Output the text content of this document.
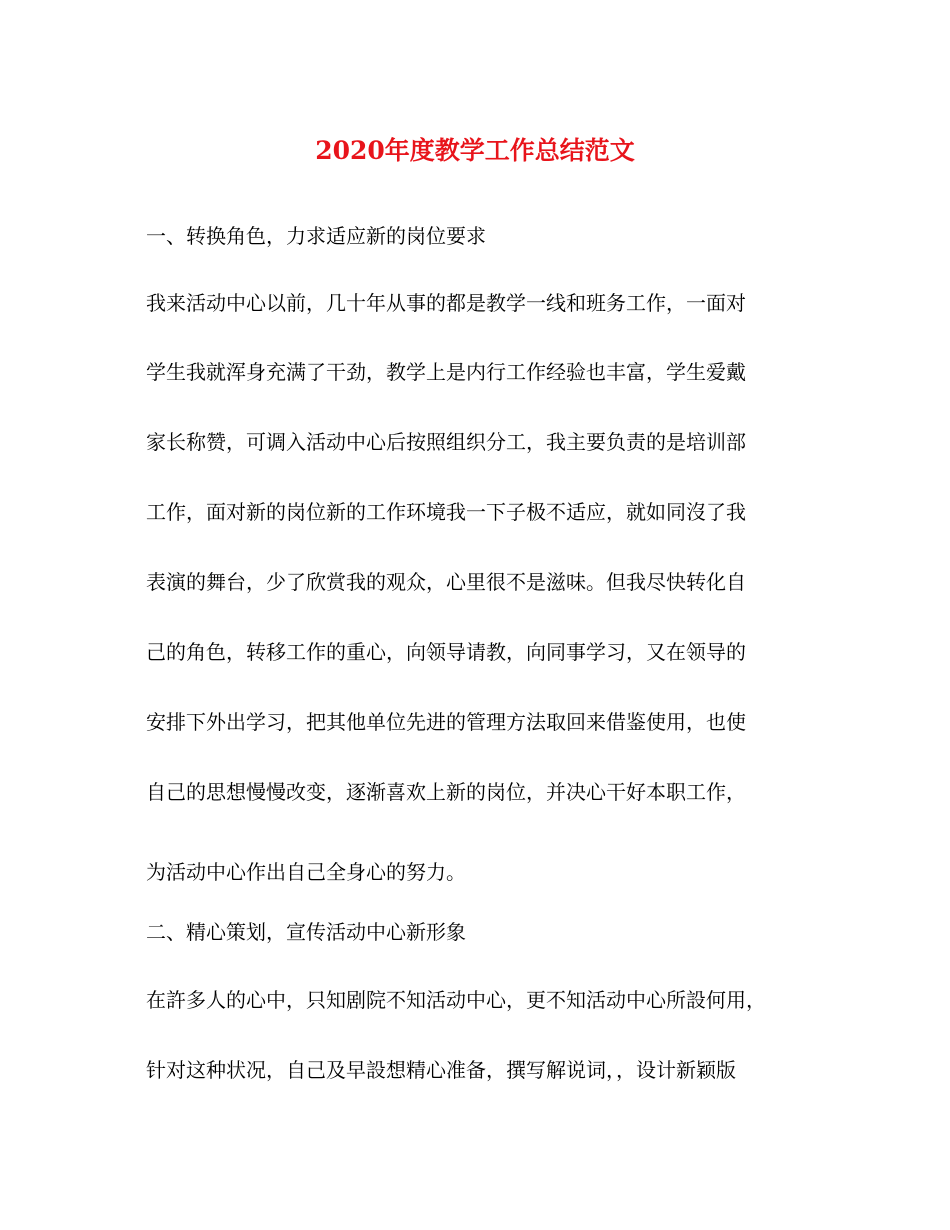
2020年度教学工作总结范文
一、转换角色，力求适应新的岗位要求
我来活动中心以前，几十年从事的都是教学一线和班务工作，一面对
学生我就浑身充满了干劲，教学上是内行工作经验也丰富，学生爱戴
家长称赞，可调入活动中心后按照组织分工，我主要负责的是培训部
工作，面对新的岗位新的工作环境我一下子极不适应，就如同沒了我
表演的舞台，少了欣赏我的观众，心里很不是滋味。但我尽快转化自
己的角色，转移工作的重心，向领导请教，向同事学习，又在领导的
安排下外出学习，把其他单位先进的管理方法取回来借鉴使用，也使
自己的思想慢慢改变，逐渐喜欢上新的岗位，并决心干好本职工作，
为活动中心作出自己全身心的努力。
二、精心策划，宣传活动中心新形象
在許多人的心中，只知剧院不知活动中心，更不知活动中心所設何用，
针对这种状况，自己及早設想精心准备，撰写解说词，，设计新颖版
